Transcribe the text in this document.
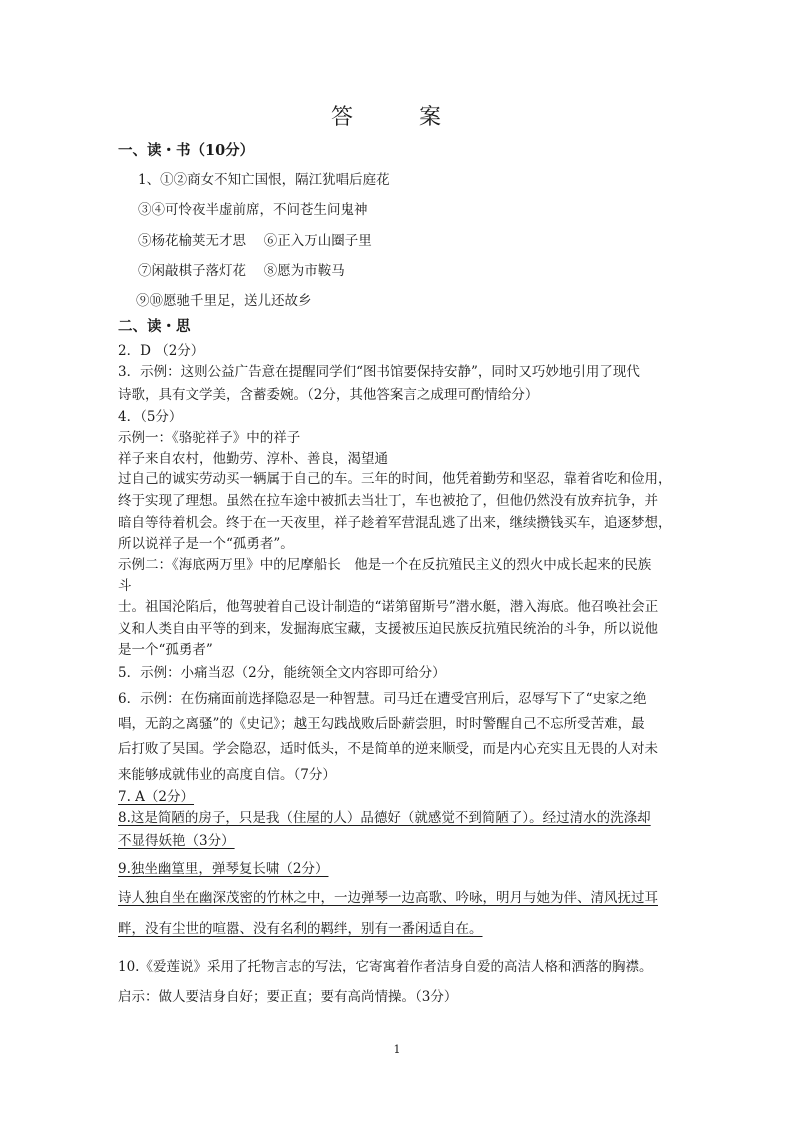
答　案
一、读・书（10分）
1、①②商女不知亡国恨，隔江犹唱后庭花
③④可怜夜半虚前席，不问苍生问鬼神
⑤杨花榆荚无才思　 ⑥正入万山圈子里
⑦闲敲棋子落灯花　 ⑧愿为市鞍马
⑨⑩愿驰千里足，送儿还故乡
二、读・思
2．D （2分）
3．示例：这则公益广告意在提醒同学们“图书馆要保持安静”，同时又巧妙地引用了现代
诗歌，具有文学美，含蓄委婉。（2分，其他答案言之成理可酌情给分）
4．（5分）
示例一：《骆驼祥子》中的祥子
祥子来自农村，他勤劳、淳朴、善良，渴望通
过自己的诚实劳动买一辆属于自己的车。三年的时间，他凭着勤劳和坚忍，靠着省吃和俭用，
终于实现了理想。虽然在拉车途中被抓去当壮丁，车也被抢了，但他仍然没有放弃抗争，并
暗自等待着机会。终于在一天夜里，祥子趁着军营混乱逃了出来，继续攒钱买车，追逐梦想，
所以说祥子是一个“孤勇者”。
示例二：《海底两万里》中的尼摩船长　他是一个在反抗殖民主义的烈火中成长起来的民族
斗
士。祖国沦陷后，他驾驶着自己设计制造的“诺第留斯号”潜水艇，潜入海底。他召唤社会正
义和人类自由平等的到来，发掘海底宝藏，支援被压迫民族反抗殖民统治的斗争，所以说他
是一个“孤勇者”
5．示例：小痛当忍（2分，能统领全文内容即可给分）
6．示例：在伤痛面前选择隐忍是一种智慧。司马迁在遭受宫刑后，忍辱写下了“史家之绝
唱，无韵之离骚”的《史记》；越王勾践战败后卧薪尝胆，时时警醒自己不忘所受苦难，最
后打败了吴国。学会隐忍，适时低头，不是简单的逆来顺受，而是内心充实且无畏的人对未
来能够成就伟业的高度自信。（7分）
7. A（2分）
8.这是简陋的房子，只是我（住屋的人）品德好（就感觉不到简陋了）。经过清水的洗涤却
不显得妖艳（3分）
9.独坐幽篁里，弹琴复长啸（2分）
诗人独自坐在幽深茂密的竹林之中，一边弹琴一边高歌、吟咏，明月与她为伴、清风抚过耳
畔，没有尘世的喧嚣、没有名利的羁绊，别有一番闲适自在。
10.《爱莲说》采用了托物言志的写法，它寄寓着作者洁身自爱的高洁人格和洒落的胸襟。
启示：做人要洁身自好；要正直；要有高尚情操。（3分）
1
